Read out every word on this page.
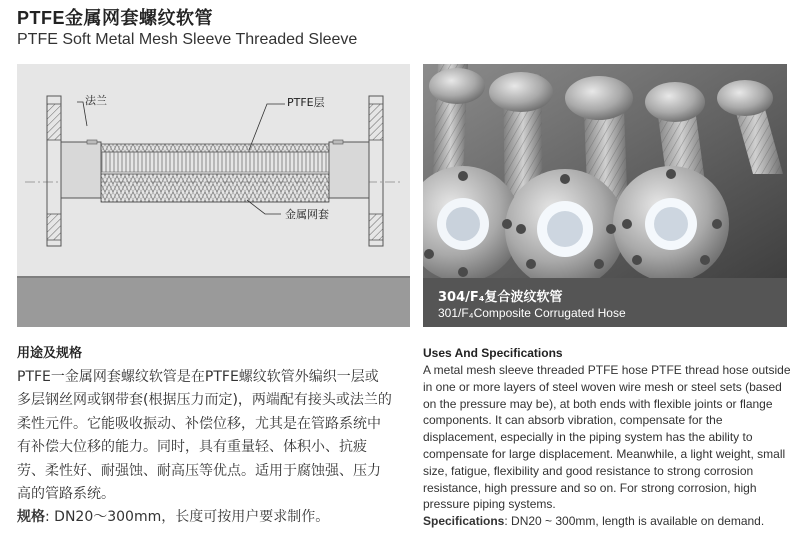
PTFE金属网套螺纹软管
PTFE Soft Metal Mesh Sleeve Threaded Sleeve
法兰	PTFE层
金属网套
304/F₄复合波纹软管
301/F₄Composite Corrugated Hose
用途及规格
PTFE一金属网套螺纹软管是在PTFE螺纹软管外编织一层或多层钢丝网或钢带套(根据压力而定)，两端配有接头或法兰的柔性元件。它能吸收振动、补偿位移，尤其是在管路系统中有补偿大位移的能力。同时，具有重量轻、体积小、抗疲劳、柔性好、耐强蚀、耐高压等优点。适用于腐蚀强、压力高的管路系统。
规格: DN20～300mm，长度可按用户要求制作。
Uses And Specifications
A metal mesh sleeve threaded PTFE hose PTFE thread hose outside in one or more layers of steel woven wire mesh or steel sets (based on the pressure may be), at both ends with flexible joints or flange components. It can absorb vibration, compensate for the displacement, especially in the piping system has the ability to compensate for large displacement. Meanwhile, a light weight, small size, fatigue, flexibility and good resistance to strong corrosion resistance, high pressure and so on. For strong corrosion, high pressure piping systems.
Specifications: DN20 ~ 300mm, length is available on demand.
